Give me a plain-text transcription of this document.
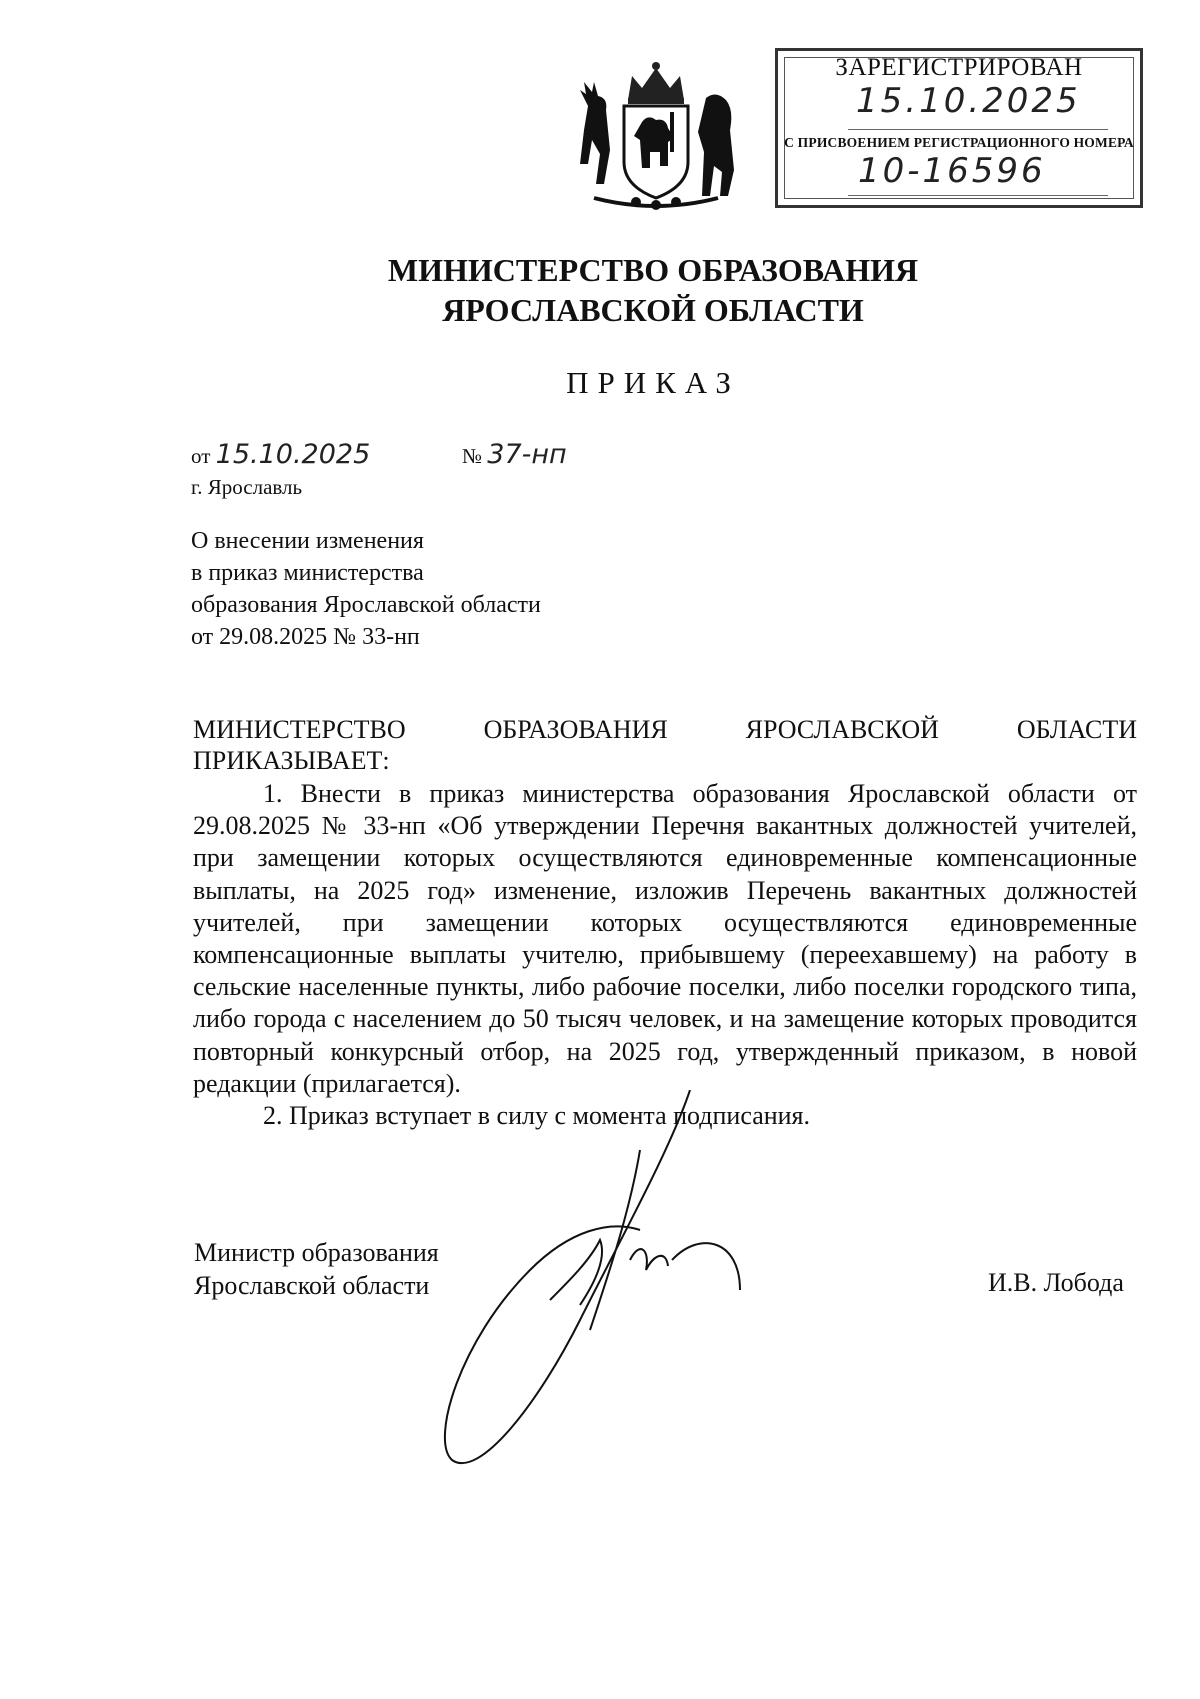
ЗАРЕГИСТРИРОВАН
15.10.2025
С ПРИСВОЕНИЕМ РЕГИСТРАЦИОННОГО НОМЕРА
10-16596
МИНИСТЕРСТВО ОБРАЗОВАНИЯ
ЯРОСЛАВСКОЙ ОБЛАСТИ
ПРИКАЗ
от 15.10.2025	№ 37-нп
г. Ярославль
О внесении изменения
в приказ министерства
образования Ярославской области
от 29.08.2025 № 33-нп
МИНИСТЕРСТВО ОБРАЗОВАНИЯ ЯРОСЛАВСКОЙ ОБЛАСТИ
ПРИКАЗЫВАЕТ:

1. Внести в приказ министерства образования Ярославской области от 29.08.2025 № 33-нп «Об утверждении Перечня вакантных должностей учителей, при замещении которых осуществляются единовременные компенсационные выплаты, на 2025 год» изменение, изложив Перечень вакантных должностей учителей, при замещении которых осуществляются единовременные компенсационные выплаты учителю, прибывшему (переехавшему) на работу в сельские населенные пункты, либо рабочие поселки, либо поселки городского типа, либо города с населением до 50 тысяч человек, и на замещение которых проводится повторный конкурсный отбор, на 2025 год, утвержденный приказом, в новой редакции (прилагается).

2. Приказ вступает в силу с момента подписания.

Министр образования
Ярославской области	И.В. Лобода
